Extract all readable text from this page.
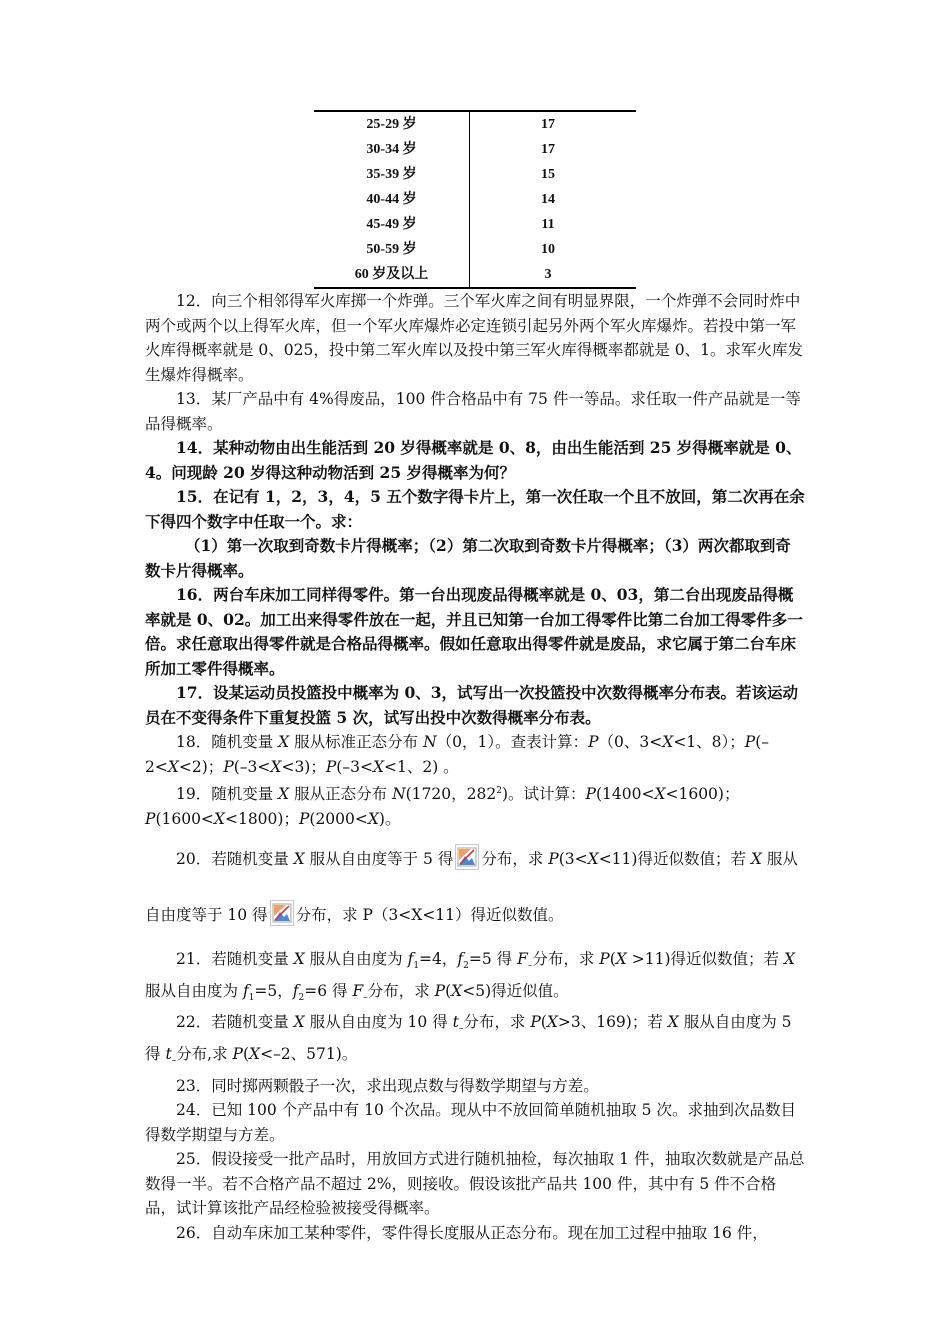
25-29 岁	17
30-34 岁	17
35-39 岁	15
40-44 岁	14
45-49 岁	11
50-59 岁	10
60 岁及以上	3

12．向三个相邻得军火库掷一个炸弹。三个军火库之间有明显界限，一个炸弹不会同时炸中两个或两个以上得军火库，但一个军火库爆炸必定连锁引起另外两个军火库爆炸。若投中第一军火库得概率就是 0、025，投中第二军火库以及投中第三军火库得概率都就是 0、1。求军火库发生爆炸得概率。

13．某厂产品中有 4%得废品，100 件合格品中有 75 件一等品。求任取一件产品就是一等品得概率。

14．某种动物由出生能活到 20 岁得概率就是 0、8，由出生能活到 25 岁得概率就是 0、4。问现龄 20 岁得这种动物活到 25 岁得概率为何？

15．在记有 1，2，3，4，5 五个数字得卡片上，第一次任取一个且不放回，第二次再在余下得四个数字中任取一个。求：

（1）第一次取到奇数卡片得概率；（2）第二次取到奇数卡片得概率；（3）两次都取到奇数卡片得概率。

16．两台车床加工同样得零件。第一台出现废品得概率就是 0、03，第二台出现废品得概率就是 0、02。加工出来得零件放在一起，并且已知第一台加工得零件比第二台加工得零件多一倍。求任意取出得零件就是合格品得概率。假如任意取出得零件就是废品，求它属于第二台车床所加工零件得概率。

17．设某运动员投篮投中概率为 0、3，试写出一次投篮投中次数得概率分布表。若该运动员在不变得条件下重复投篮 5 次，试写出投中次数得概率分布表。

18．随机变量 X 服从标准正态分布 N（0，1）。查表计算：P（0、3<X<1、8）；P(–2<X<2)；P(–3<X<3)；P(–3<X<1、2) 。

19．随机变量 X 服从正态分布 N(1720，$282^2$)。试计算：P(1400<X<1600)；P(1600<X<1800)；P(2000<X)。

20．若随机变量 X 服从自由度等于 5 得 分布，求 P(3<X<11)得近似数值；若 X 服从自由度等于 10 得 分布，求 P（3<X<11）得近似数值。

21．若随机变量 X 服从自由度为 $f_1=4$，$f_2=5$ 得 $F_-$分布，求 P(X >11)得近似数值；若 X 服从自由度为 $f_1=5$，$f_2=6$ 得 $F_-$分布，求 P(X<5)得近似值。

22．若随机变量 X 服从自由度为 10 得 $t_-$分布，求 P(X>3、169)；若 X 服从自由度为 5 得 $t_-$分布,求 P(X<–2、571)。

23．同时掷两颗骰子一次，求出现点数与得数学期望与方差。

24．已知 100 个产品中有 10 个次品。现从中不放回简单随机抽取 5 次。求抽到次品数目得数学期望与方差。

25．假设接受一批产品时，用放回方式进行随机抽检，每次抽取 1 件，抽取次数就是产品总数得一半。若不合格产品不超过 2%，则接收。假设该批产品共 100 件，其中有 5 件不合格品，试计算该批产品经检验被接受得概率。

26．自动车床加工某种零件，零件得长度服从正态分布。现在加工过程中抽取 16 件，
